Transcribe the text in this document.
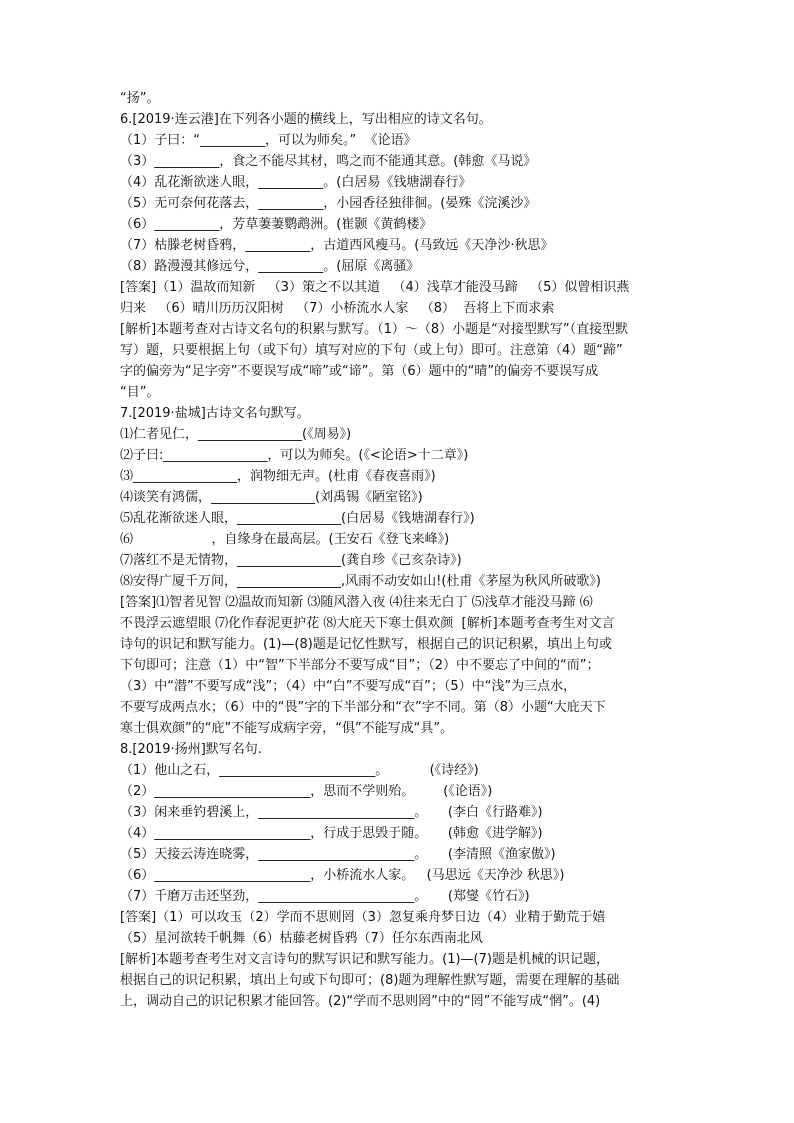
“扬”。
6.[2019·连云港]在下列各小题的横线上，写出相应的诗文名句。
（1）子曰：“__________，可以为师矣。”  《论语》
（3）__________，食之不能尽其材，鸣之而不能通其意。(韩愈《马说》
（4）乱花渐欲迷人眼，__________。(白居易《钱塘湖春行》
（5）无可奈何花落去，__________，小园香径独徘徊。(晏殊《浣溪沙》
（6）__________，芳草萋萋鹦鹉洲。(崔颢《黄鹤楼》
（7）枯滕老树昏鸦，__________，古道西风瘦马。(马致远《天净沙·秋思》
（8）路漫漫其修远兮，__________。(屈原《离骚》
[答案]（1）温故而知新   （3）策之不以其道   （4）浅草才能没马蹄   （5）似曾相识燕
归来   （6）晴川历历汉阳树   （7）小桥流水人家   （8）  吾将上下而求索
[解析]本题考查对古诗文名句的积累与默写。（1）～（8）小题是“对接型默写”（直接型默
写）题，只要根据上句（或下句）填写对应的下句（或上句）即可。注意第（4）题“蹄”
字的偏旁为“足字旁”不要误写成“啼”或“谛”。第（6）题中的“晴”的偏旁不要误写成
“目”。
7.[2019·盐城]古诗文名句默写。
⑴仁者见仁，________________(《周易》)
⑵子曰:________________，可以为师矣。(《<论语>十二章》)
⑶________________，润物细无声。(杜甫《春夜喜雨》)
⑷谈笑有鸿儒，________________(刘禹锡《陋室铭》)
⑸乱花渐欲迷人眼，________________(白居易《钱塘湖春行》)
⑹                   ，自缘身在最高层。(王安石《登飞来峰》)
⑺落红不是无情物，________________(龚自珍《己亥杂诗》)
⑻安得广厦千万间，________________,风雨不动安如山!(杜甫《茅屋为秋风所破歌》)
[答案]⑴智者见智 ⑵温故而知新 ⑶随风潜入夜 ⑷往来无白丁 ⑸浅草才能没马蹄 ⑹
不畏浮云遮望眼 ⑺化作春泥更护花 ⑻大庇天下寒士俱欢颜  [解析]本题考查考生对文言
诗句的识记和默写能力。(1)—(8)题是记忆性默写，根据自己的识记积累，填出上句或
下句即可；注意（1）中“智”下半部分不要写成“目”；（2）中不要忘了中间的“而”；
（3）中“潜”不要写成“浅”；（4）中“白”不要写成“百”；（5）中“浅”为三点水，
不要写成两点水；（6）中的“畏”字的下半部分和“衣”字不同。第（8）小题“大庇天下
寒士俱欢颜”的“庇”不能写成病字旁，“俱”不能写成“具”。
8.[2019·扬州]默写名句.
（1）他山之石，________________________。          (《诗经》)
（2）________________________，思而不学则殆。       (《论语》)
（3）闲来垂钓碧溪上，________________________。     (李白《行路难》)
（4）________________________，行成于思毁于随。     (韩愈《进学解》)
（5）天接云涛连晓雾，________________________。     (李清照《渔家傲》)
（6）________________________，小桥流水人家。   (马思远《天净沙 秋思》)
（7）千磨万击还坚劲，________________________。     (郑燮《竹石》)
[答案]（1）可以攻玉（2）学而不思则罔（3）忽复乘舟梦日边（4）业精于勤荒于嬉
（5）星河欲转千帆舞（6）枯藤老树昏鸦（7）任尔东西南北风
[解析]本题考查考生对文言诗句的默写识记和默写能力。(1)—(7)题是机械的识记题，
根据自己的识记积累，填出上句或下句即可；(8)题为理解性默写题，需要在理解的基础
上，调动自己的识记积累才能回答。(2)“学而不思则罔”中的“罔”不能写成“惘”。(4)
